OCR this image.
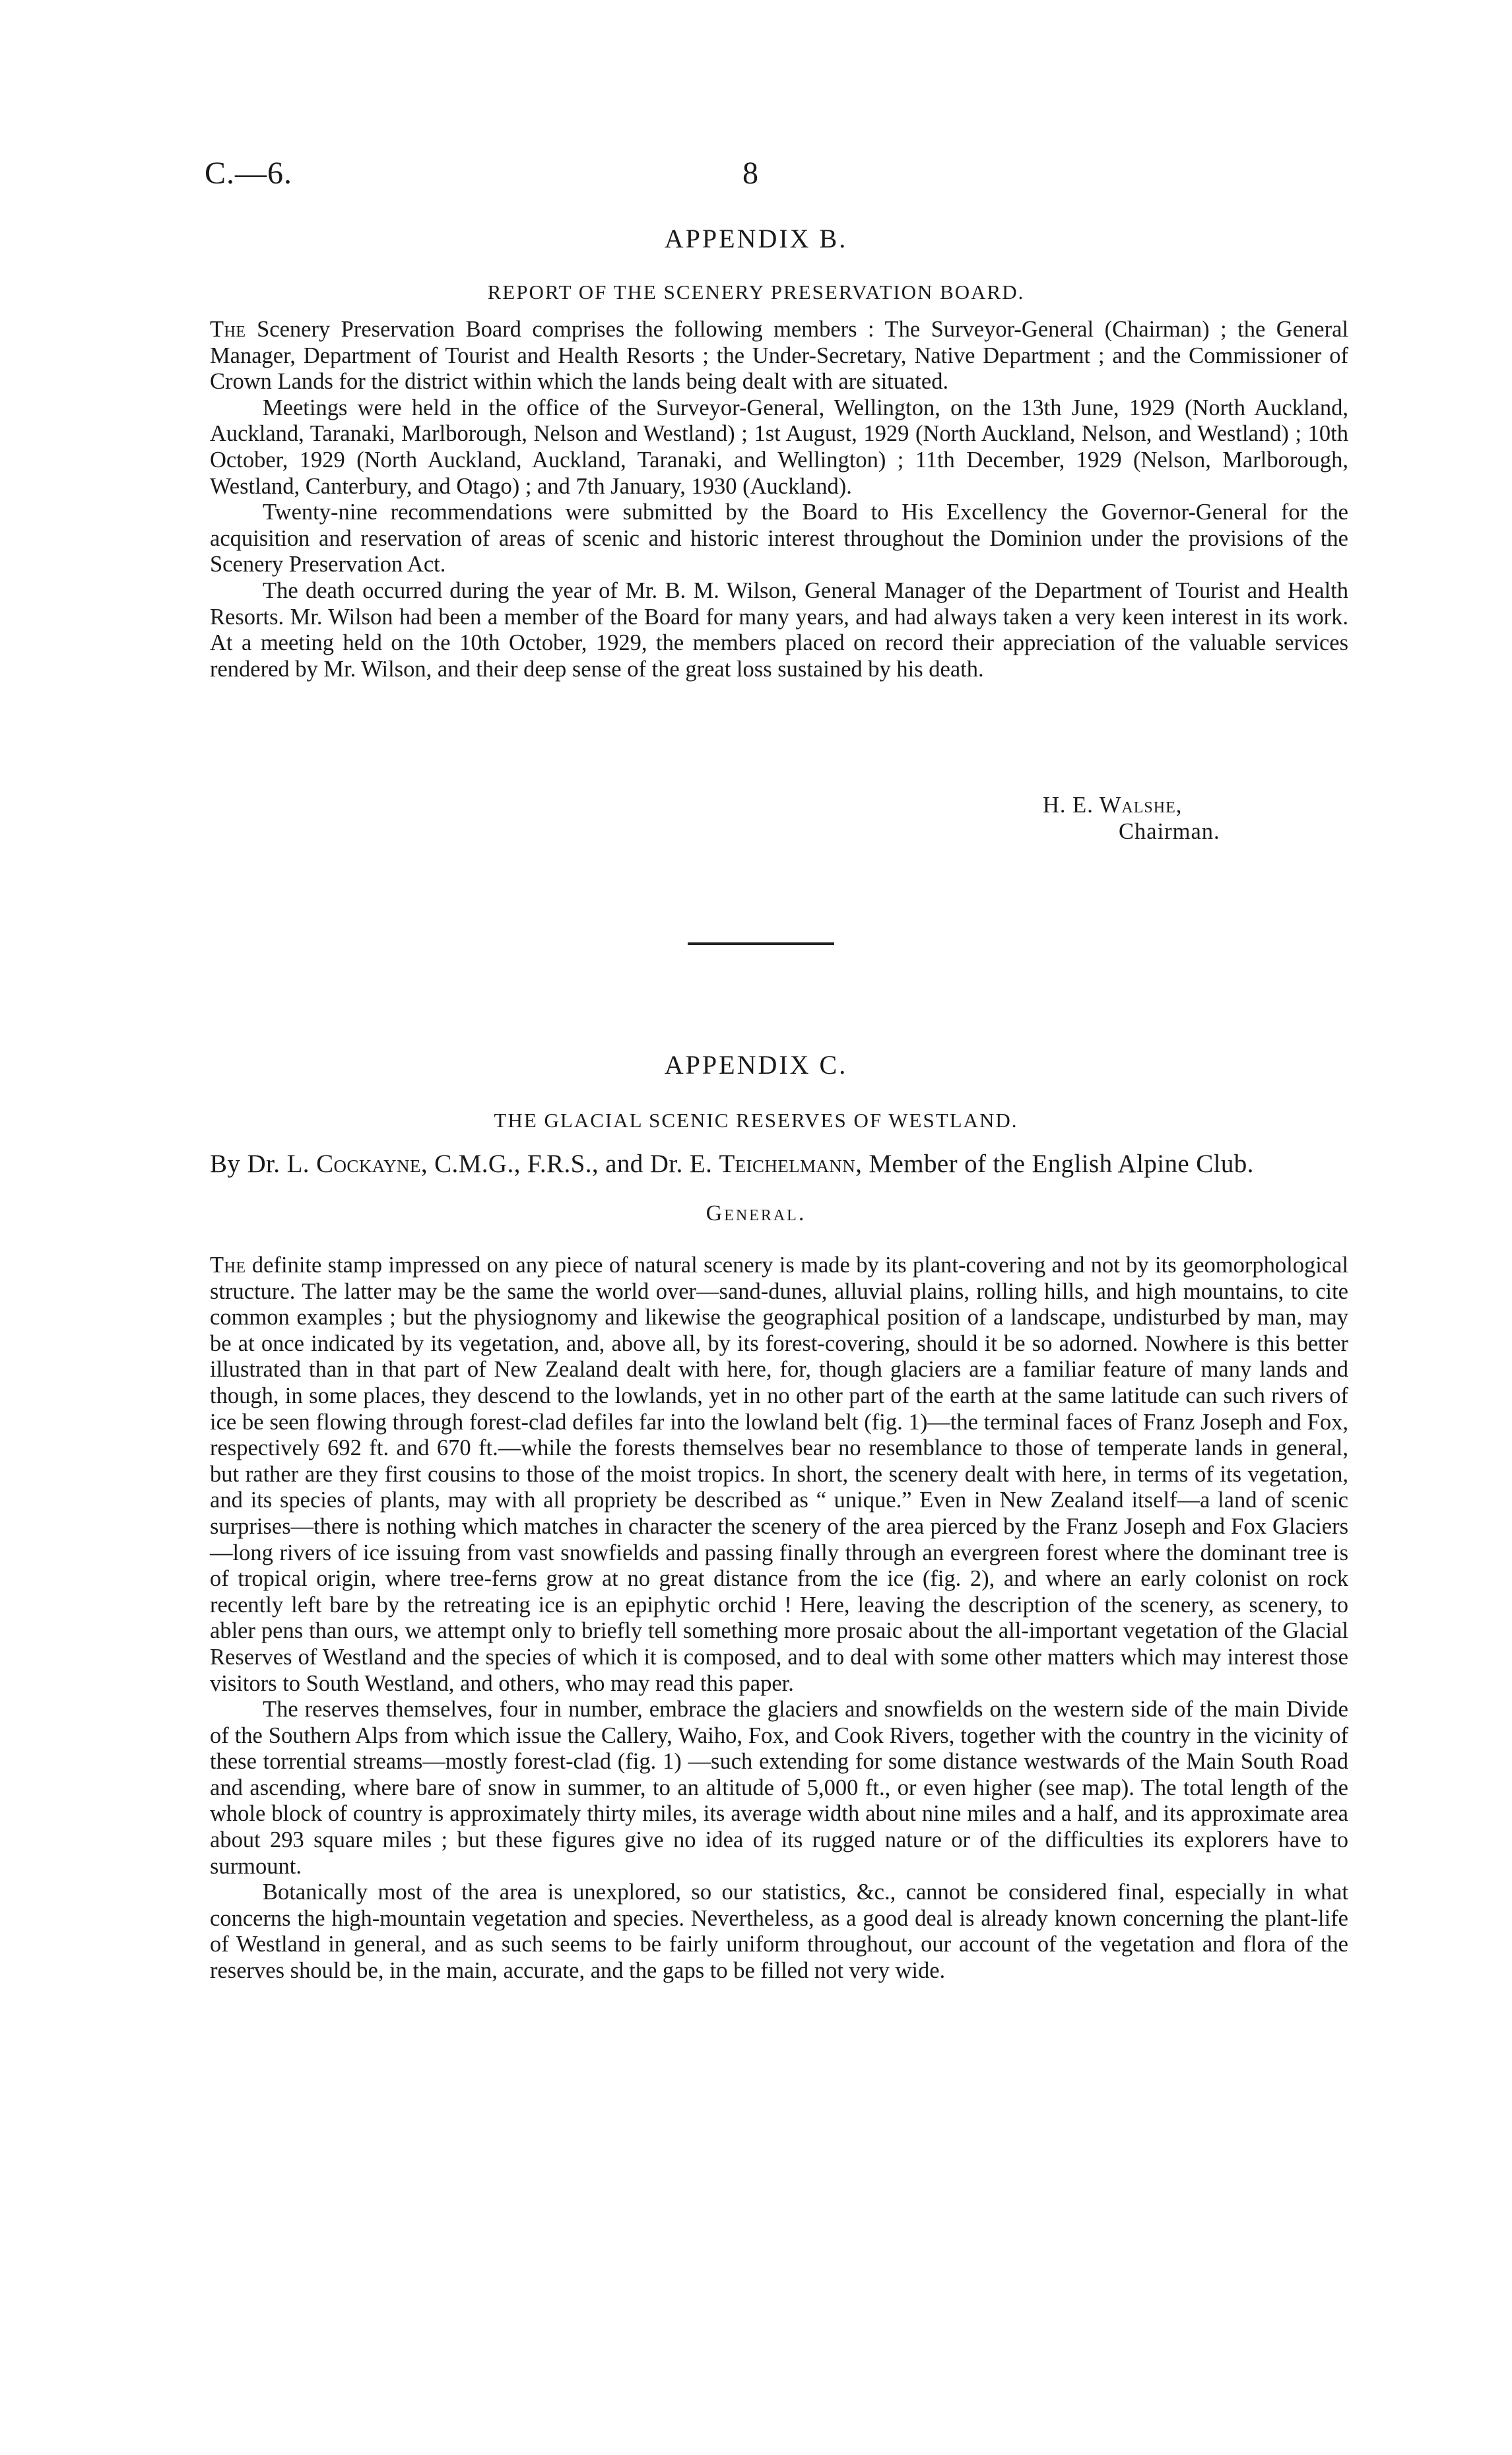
C.—6.	8
APPENDIX B.
REPORT OF THE SCENERY PRESERVATION BOARD.

The Scenery Preservation Board comprises the following members : The Surveyor-General (Chairman) ; the General Manager, Department of Tourist and Health Resorts ; the Under-Secretary, Native Department ; and the Commissioner of Crown Lands for the district within which the lands being dealt with are situated.

Meetings were held in the office of the Surveyor-General, Wellington, on the 13th June, 1929 (North Auckland, Auckland, Taranaki, Marlborough, Nelson and Westland) ; 1st August, 1929 (North Auckland, Nelson, and Westland) ; 10th October, 1929 (North Auckland, Auckland, Taranaki, and Wellington) ; 11th December, 1929 (Nelson, Marlborough, Westland, Canterbury, and Otago) ; and 7th January, 1930 (Auckland).

Twenty-nine recommendations were submitted by the Board to His Excellency the Governor-General for the acquisition and reservation of areas of scenic and historic interest throughout the Dominion under the provisions of the Scenery Preservation Act.

The death occurred during the year of Mr. B. M. Wilson, General Manager of the Department of Tourist and Health Resorts. Mr. Wilson had been a member of the Board for many years, and had always taken a very keen interest in its work. At a meeting held on the 10th October, 1929, the members placed on record their appreciation of the valuable services rendered by Mr. Wilson, and their deep sense of the great loss sustained by his death.

H. E. Walshe,
Chairman.
APPENDIX C.
THE GLACIAL SCENIC RESERVES OF WESTLAND.
By Dr. L. Cockayne, C.M.G., F.R.S., and Dr. E. Teichelmann, Member of the English Alpine Club.
General.

The definite stamp impressed on any piece of natural scenery is made by its plant-covering and not by its geomorphological structure. The latter may be the same the world over—sand-dunes, alluvial plains, rolling hills, and high mountains, to cite common examples ; but the physiognomy and likewise the geographical position of a landscape, undisturbed by man, may be at once indicated by its vegetation, and, above all, by its forest-covering, should it be so adorned. Nowhere is this better illustrated than in that part of New Zealand dealt with here, for, though glaciers are a familiar feature of many lands and though, in some places, they descend to the lowlands, yet in no other part of the earth at the same latitude can such rivers of ice be seen flowing through forest-clad defiles far into the lowland belt (fig. 1)—the terminal faces of Franz Joseph and Fox, respectively 692 ft. and 670 ft.—while the forests themselves bear no resemblance to those of temperate lands in general, but rather are they first cousins to those of the moist tropics. In short, the scenery dealt with here, in terms of its vegetation, and its species of plants, may with all propriety be described as “ unique.” Even in New Zealand itself—a land of scenic surprises—there is nothing which matches in character the scenery of the area pierced by the Franz Joseph and Fox Glaciers—long rivers of ice issuing from vast snowfields and passing finally through an evergreen forest where the dominant tree is of tropical origin, where tree-ferns grow at no great distance from the ice (fig. 2), and where an early colonist on rock recently left bare by the retreating ice is an epiphytic orchid ! Here, leaving the description of the scenery, as scenery, to abler pens than ours, we attempt only to briefly tell something more prosaic about the all-important vegetation of the Glacial Reserves of Westland and the species of which it is composed, and to deal with some other matters which may interest those visitors to South Westland, and others, who may read this paper.

The reserves themselves, four in number, embrace the glaciers and snowfields on the western side of the main Divide of the Southern Alps from which issue the Callery, Waiho, Fox, and Cook Rivers, together with the country in the vicinity of these torrential streams—mostly forest-clad (fig. 1) —such extending for some distance westwards of the Main South Road and ascending, where bare of snow in summer, to an altitude of 5,000 ft., or even higher (see map). The total length of the whole block of country is approximately thirty miles, its average width about nine miles and a half, and its approximate area about 293 square miles ; but these figures give no idea of its rugged nature or of the difficulties its explorers have to surmount.

Botanically most of the area is unexplored, so our statistics, &c., cannot be considered final, especially in what concerns the high-mountain vegetation and species. Nevertheless, as a good deal is already known concerning the plant-life of Westland in general, and as such seems to be fairly uniform throughout, our account of the vegetation and flora of the reserves should be, in the main, accurate, and the gaps to be filled not very wide.
